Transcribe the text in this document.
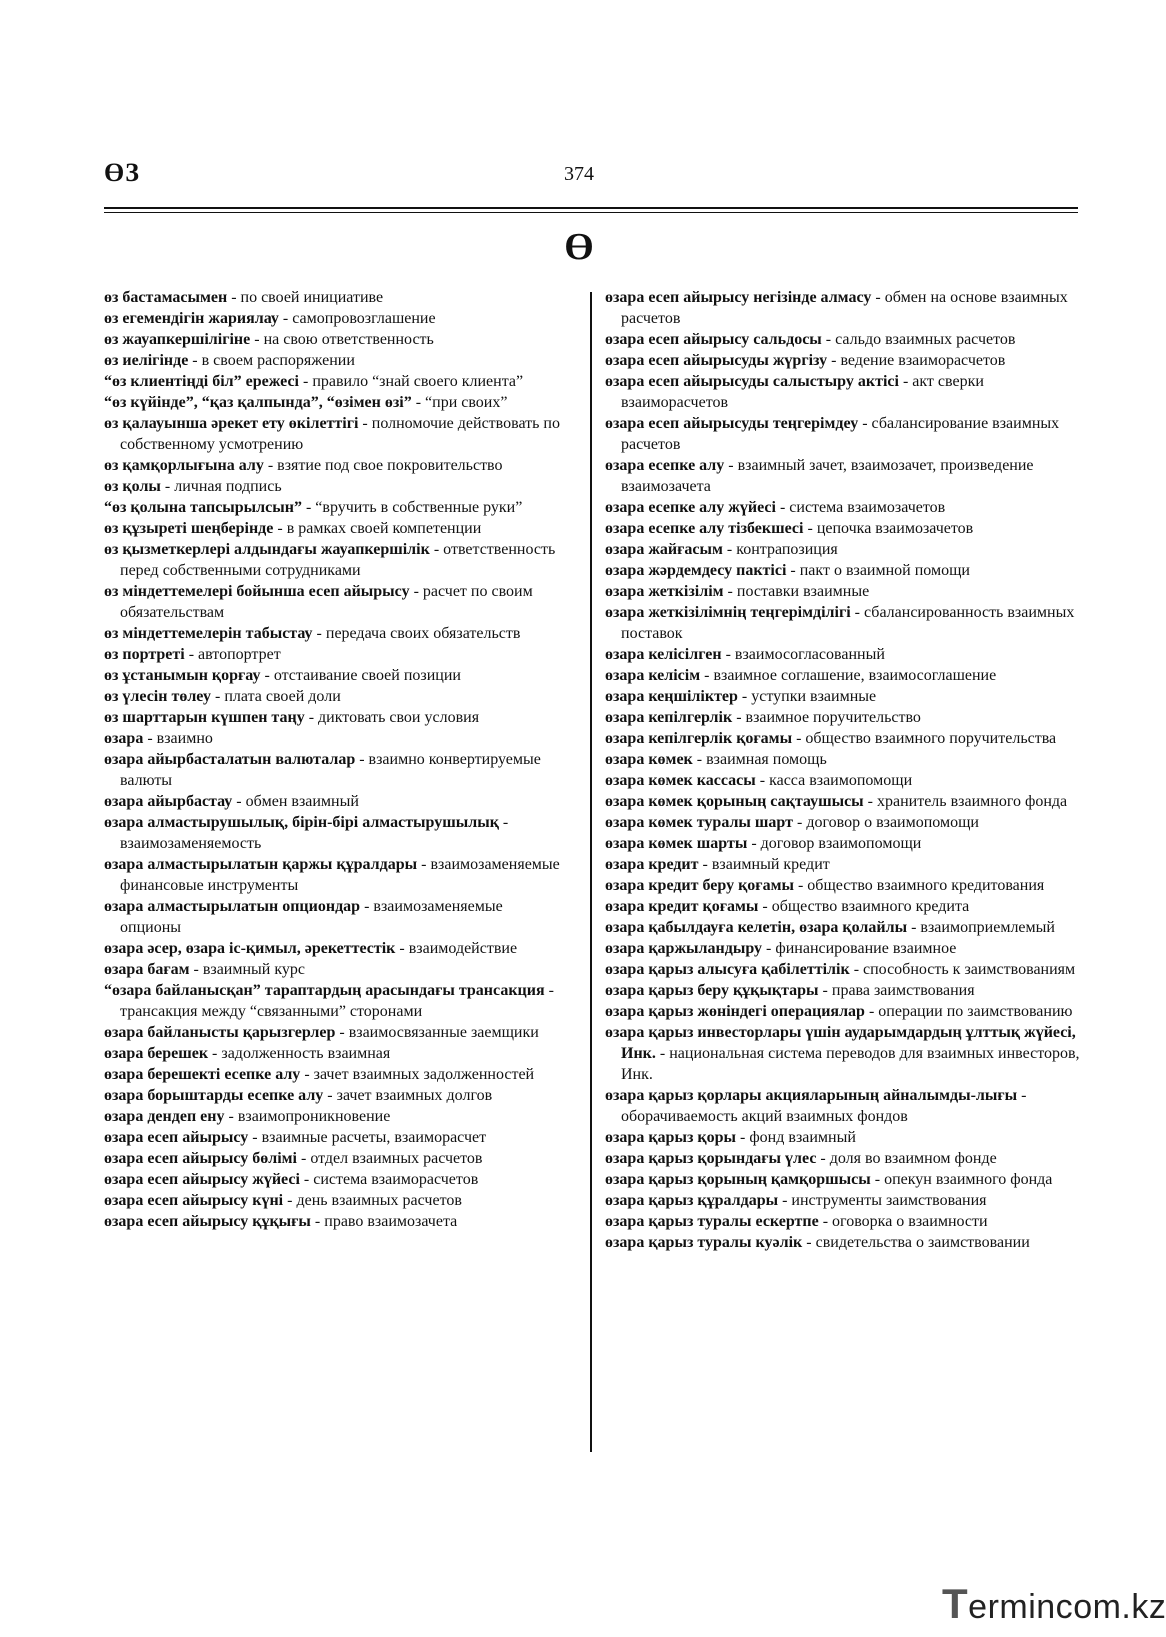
ӨЗ	374
Ө

өз бастамасымен - по своей инициативе

өз егемендігін жариялау - самопровозглашение

өз жауапкершілігіне - на свою ответственность

өз иелігінде - в своем распоряжении

“өз клиентіңді біл” ережесі - правило “знай своего клиента”

“өз күйінде”, “қаз қалпында”, “өзімен өзі” - “при своих”

өз қалауынша әрекет ету өкілеттігі - полномочие действовать по собственному усмотрению

өз қамқорлығына алу - взятие под свое покровительство

өз қолы - личная подпись

“өз қолына тапсырылсын” - “вручить в собственные руки”

өз құзыреті шеңберінде - в рамках своей компетенции

өз қызметкерлері алдындағы жауапкершілік - ответственность перед собственными сотрудниками

өз міндеттемелері бойынша есеп айырысу - расчет по своим обязательствам

өз міндеттемелерін табыстау - передача своих обязательств

өз портреті - автопортрет

өз ұстанымын қорғау - отстаивание своей позиции

өз үлесін төлеу - плата своей доли

өз шарттарын күшпен таңу - диктовать свои условия

өзара - взаимно

өзара айырбасталатын валюталар - взаимно конвертируемые валюты

өзара айырбастау - обмен взаимный

өзара алмастырушылық, бірін-бірі алмастырушылық - взаимозаменяемость

өзара алмастырылатын қаржы құралдары - взаимозаменяемые финансовые инструменты

өзара алмастырылатын опциондар - взаимозаменяемые опционы

өзара әсер, өзара іс-қимыл, әрекеттестік - взаимодействие

өзара бағам - взаимный курс

“өзара байланысқан” тараптардың арасындағы трансакция - трансакция между “связанными” сторонами

өзара байланысты қарызгерлер - взаимосвязанные заемщики

өзара берешек - задолженность взаимная

өзара берешекті есепке алу - зачет взаимных задолженностей

өзара борыштарды есепке алу - зачет взаимных долгов

өзара дендеп ену - взаимопроникновение

өзара есеп айырысу - взаимные расчеты, взаиморасчет

өзара есеп айырысу бөлімі - отдел взаимных расчетов

өзара есеп айырысу жүйесі - система взаиморасчетов

өзара есеп айырысу күні - день взаимных расчетов

өзара есеп айырысу құқығы - право взаимозачета

өзара есеп айырысу негізінде алмасу - обмен на основе взаимных расчетов

өзара есеп айырысу сальдосы - сальдо взаимных расчетов

өзара есеп айырысуды жүргізу - ведение взаиморасчетов

өзара есеп айырысуды салыстыру актісі - акт сверки взаиморасчетов

өзара есеп айырысуды теңгерімдеу - сбалансирование взаимных расчетов

өзара есепке алу - взаимный зачет, взаимозачет, произведение взаимозачета

өзара есепке алу жүйесі - система взаимозачетов

өзара есепке алу тізбекшесі - цепочка взаимозачетов

өзара жайғасым - контрапозиция

өзара жәрдемдесу пактісі - пакт о взаимной помощи

өзара жеткізілім - поставки взаимные

өзара жеткізілімнің теңгерімділігі - сбалансированность взаимных поставок

өзара келісілген - взаимосогласованный

өзара келісім - взаимное соглашение, взаимосоглашение

өзара кеңшіліктер - уступки взаимные

өзара кепілгерлік - взаимное поручительство

өзара кепілгерлік қоғамы - общество взаимного поручительства

өзара көмек - взаимная помощь

өзара көмек кассасы - касса взаимопомощи

өзара көмек қорының сақтаушысы - хранитель взаимного фонда

өзара көмек туралы шарт - договор о взаимопомощи

өзара көмек шарты - договор взаимопомощи

өзара кредит - взаимный кредит

өзара кредит беру қоғамы - общество взаимного кредитования

өзара кредит қоғамы - общество взаимного кредита

өзара қабылдауға келетін, өзара қолайлы - взаимоприемлемый

өзара қаржыландыру - финансирование взаимное

өзара қарыз алысуға қабілеттілік - способность к заимствованиям

өзара қарыз беру құқықтары - права заимствования

өзара қарыз жөніндегі операциялар - операции по заимствованию

өзара қарыз инвесторлары үшін аударымдардың ұлттық жүйесі, Инк. - национальная система переводов для взаимных инвесторов, Инк.

өзара қарыз қорлары акцияларының айналымды-лығы - оборачиваемость акций взаимных фондов

өзара қарыз қоры - фонд взаимный

өзара қарыз қорындағы үлес - доля во взаимном фонде

өзара қарыз қорының қамқоршысы - опекун взаимного фонда

өзара қарыз құралдары - инструменты заимствования

өзара қарыз туралы ескертпе - оговорка о взаимности

өзара қарыз туралы куәлік - свидетельства о заимствовании

Termincom.kz
